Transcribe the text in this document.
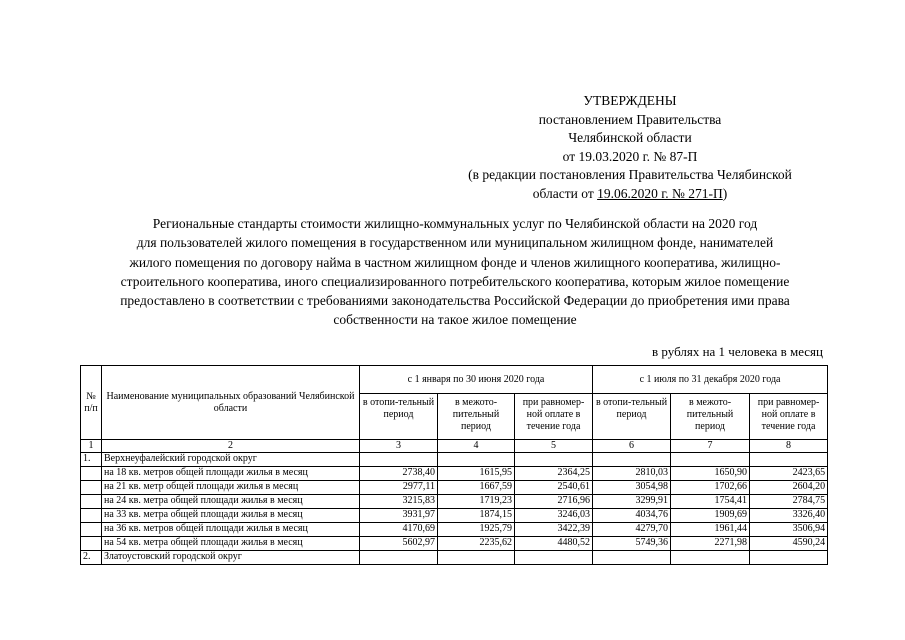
УТВЕРЖДЕНЫ
постановлением Правительства
Челябинской области
от 19.03.2020 г. № 87-П
(в редакции постановления Правительства Челябинской
области от 19.06.2020 г. № 271-П)
Региональные стандарты стоимости жилищно-коммунальных услуг по Челябинской области на 2020 год
для пользователей жилого помещения в государственном или муниципальном жилищном фонде, нанимателей
жилого помещения по договору найма в частном жилищном фонде и членов жилищного кооператива, жилищно-
строительного кооператива, иного специализированного потребительского кооператива, которым жилое помещение
предоставлено в соответствии с требованиями законодательства Российской Федерации до приобретения ими права
собственности на такое жилое помещение
в рублях на 1 человека в месяц
№ п/п	Наименование муниципальных образований Челябинской области	с 1 января по 30 июня 2020 года			с 1 июля по 31 декабря 2020 года		
		в отопи-тельный период	в межото-пительный период	при равномер-ной оплате в течение года	в отопи-тельный период	в межото-пительный период	при равномер-ной оплате в течение года
1	2	3	4	5	6	7	8
1.	Верхнеуфалейский городской округ						
	на 18 кв. метров общей площади жилья в месяц	2738,40	1615,95	2364,25	2810,03	1650,90	2423,65
	на 21 кв. метр общей площади жилья в месяц	2977,11	1667,59	2540,61	3054,98	1702,66	2604,20
	на 24 кв. метра общей площади жилья в месяц	3215,83	1719,23	2716,96	3299,91	1754,41	2784,75
	на 33 кв. метра общей площади жилья в месяц	3931,97	1874,15	3246,03	4034,76	1909,69	3326,40
	на 36 кв. метров общей площади жилья в месяц	4170,69	1925,79	3422,39	4279,70	1961,44	3506,94
	на 54 кв. метра общей площади жилья в месяц	5602,97	2235,62	4480,52	5749,36	2271,98	4590,24
2.	Златоустовский городской округ						
